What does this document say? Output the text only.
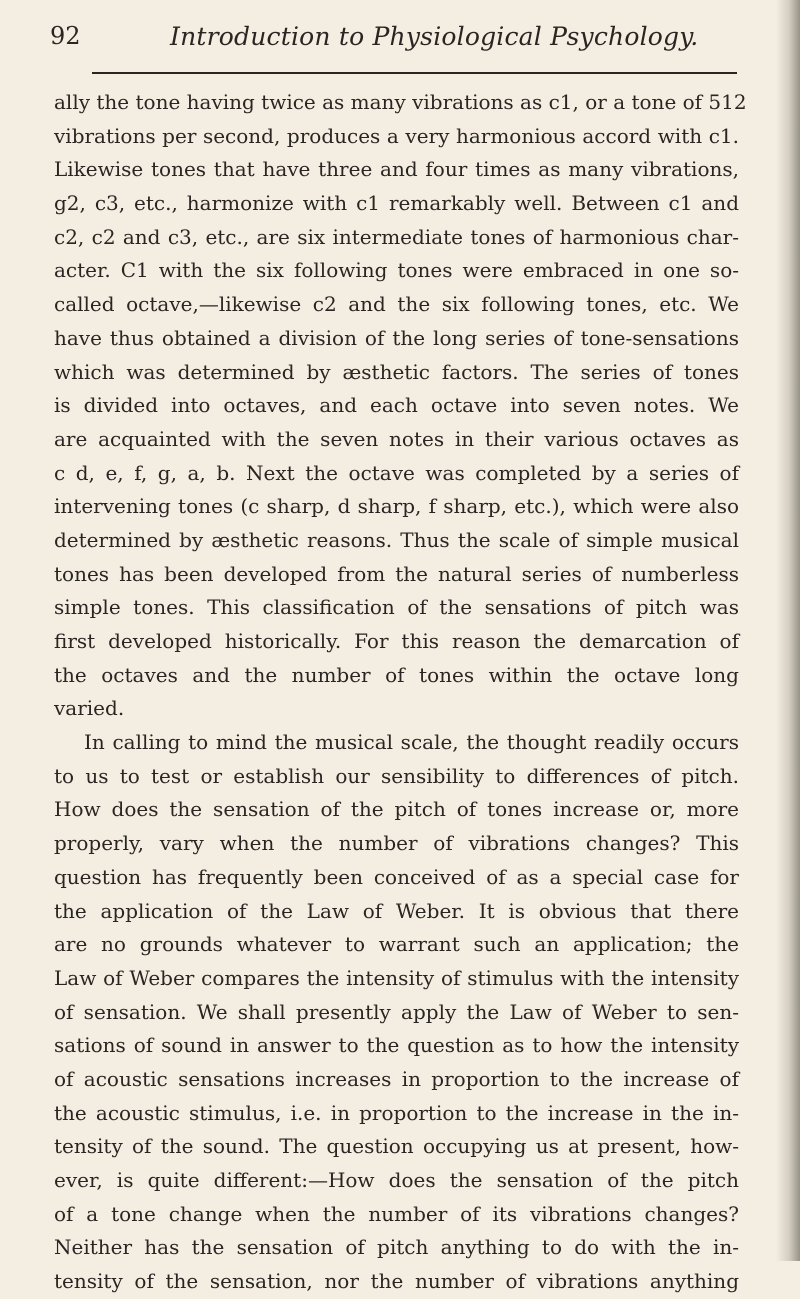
92	Introduction to Physiological Psychology.
ally the tone having twice as many vibrations as c1, or a tone of 512
vibrations per second, produces a very harmonious accord with c1.
Likewise tones that have three and four times as many vibrations,
g2, c3, etc., harmonize with c1 remarkably well. Between c1 and
c2, c2 and c3, etc., are six intermediate tones of harmonious char-
acter. C1 with the six following tones were embraced in one so-
called octave,—likewise c2 and the six following tones, etc. We
have thus obtained a division of the long series of tone-sensations
which was determined by æsthetic factors. The series of tones
is divided into octaves, and each octave into seven notes. We
are acquainted with the seven notes in their various octaves as
c d, e, f, g, a, b. Next the octave was completed by a series of
intervening tones (c sharp, d sharp, f sharp, etc.), which were also
determined by æsthetic reasons. Thus the scale of simple musical
tones has been developed from the natural series of numberless
simple tones. This classification of the sensations of pitch was
first developed historically. For this reason the demarcation of
the octaves and the number of tones within the octave long
varied.
In calling to mind the musical scale, the thought readily occurs
to us to test or establish our sensibility to differences of pitch.
How does the sensation of the pitch of tones increase or, more
properly, vary when the number of vibrations changes? This
question has frequently been conceived of as a special case for
the application of the Law of Weber. It is obvious that there
are no grounds whatever to warrant such an application; the
Law of Weber compares the intensity of stimulus with the intensity
of sensation. We shall presently apply the Law of Weber to sen-
sations of sound in answer to the question as to how the intensity
of acoustic sensations increases in proportion to the increase of
the acoustic stimulus, i.e. in proportion to the increase in the in-
tensity of the sound. The question occupying us at present, how-
ever, is quite different:—How does the sensation of the pitch
of a tone change when the number of its vibrations changes?
Neither has the sensation of pitch anything to do with the in-
tensity of the sensation, nor the number of vibrations anything
